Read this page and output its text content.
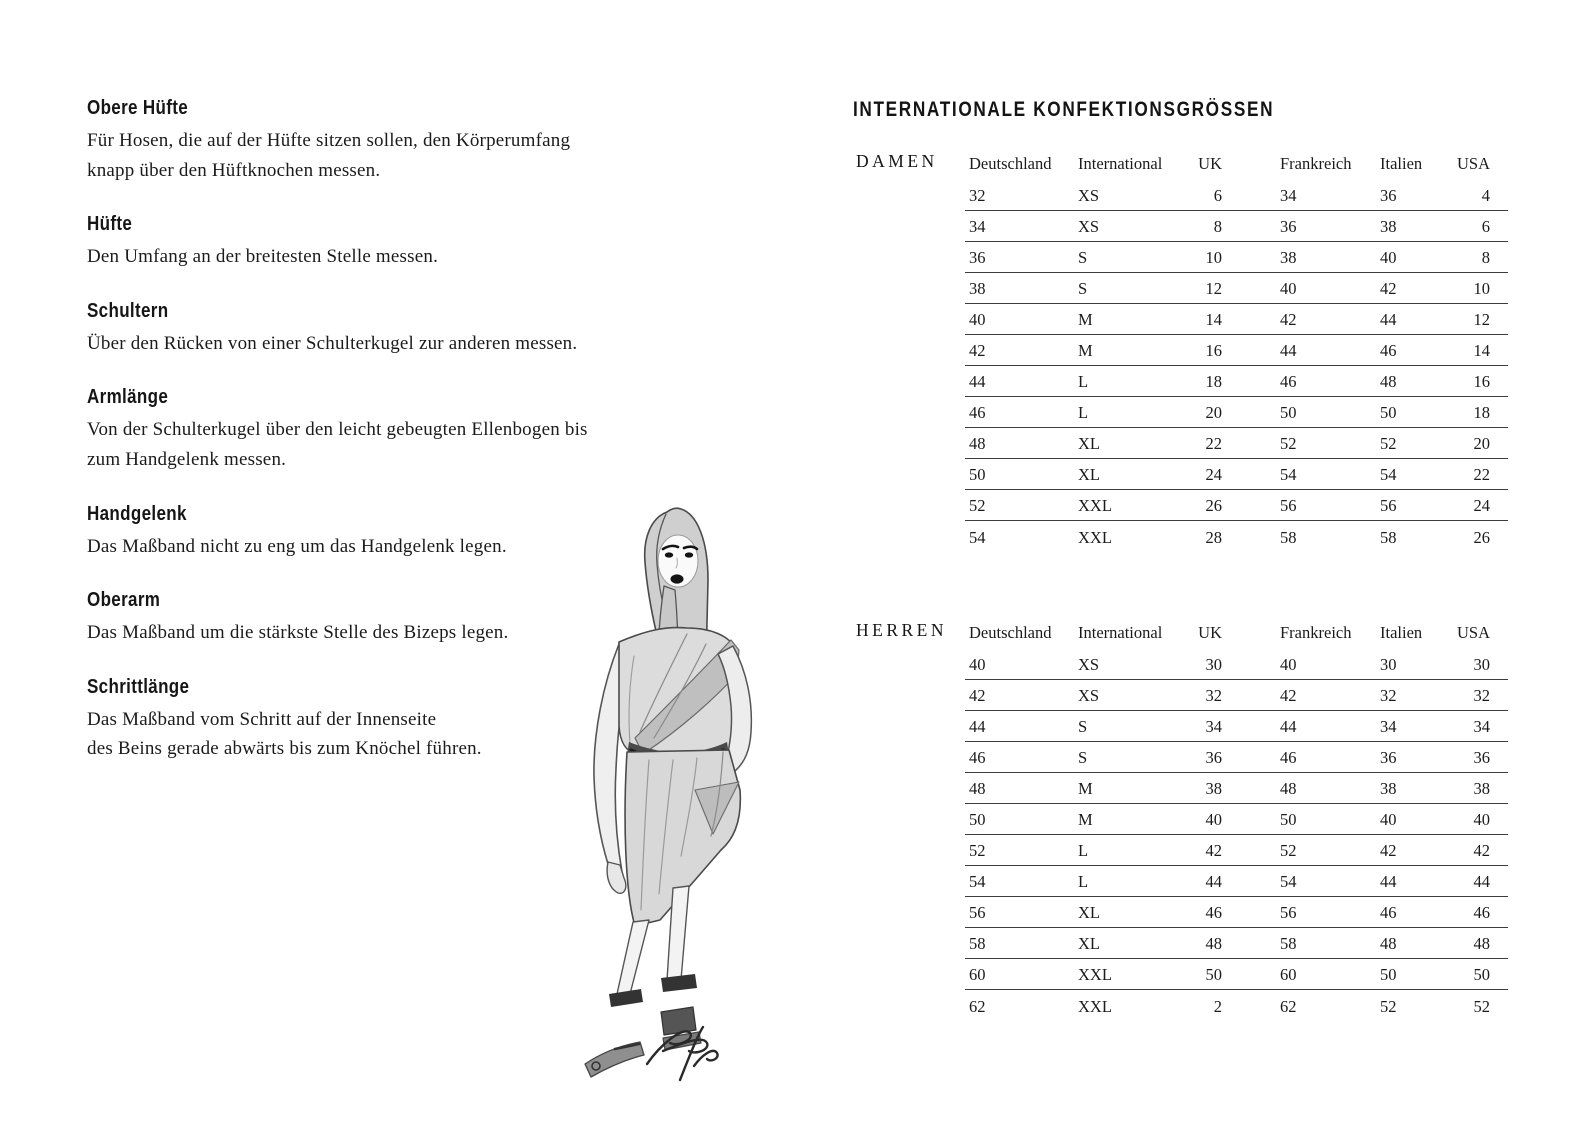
Obere Hüfte
Für Hosen, die auf der Hüfte sitzen sollen, den Körperumfang
knapp über den Hüftknochen messen.
Hüfte
Den Umfang an der breitesten Stelle messen.
Schultern
Über den Rücken von einer Schulterkugel zur anderen messen.
Armlänge
Von der Schulterkugel über den leicht gebeugten Ellenbogen bis
zum Handgelenk messen.
Handgelenk
Das Maßband nicht zu eng um das Handgelenk legen.
Oberarm
Das Maßband um die stärkste Stelle des Bizeps legen.
Schrittlänge
Das Maßband vom Schritt auf der Innenseite
des Beins gerade abwärts bis zum Knöchel führen.
INTERNATIONALE KONFEKTIONSGRÖSSEN
DAMEN	Deutschland	International	UK	Frankreich	Italien	USA
32	XS	6	34	36	4
34	XS	8	36	38	6
36	S	10	38	40	8
38	S	12	40	42	10
40	M	14	42	44	12
42	M	16	44	46	14
44	L	18	46	48	16
46	L	20	50	50	18
48	XL	22	52	52	20
50	XL	24	54	54	22
52	XXL	26	56	56	24
54	XXL	28	58	58	26
HERREN	Deutschland	International	UK	Frankreich	Italien	USA
40	XS	30	40	30	30
42	XS	32	42	32	32
44	S	34	44	34	34
46	S	36	46	36	36
48	M	38	48	38	38
50	M	40	50	40	40
52	L	42	52	42	42
54	L	44	54	44	44
56	XL	46	56	46	46
58	XL	48	58	48	48
60	XXL	50	60	50	50
62	XXL	2	62	52	52
